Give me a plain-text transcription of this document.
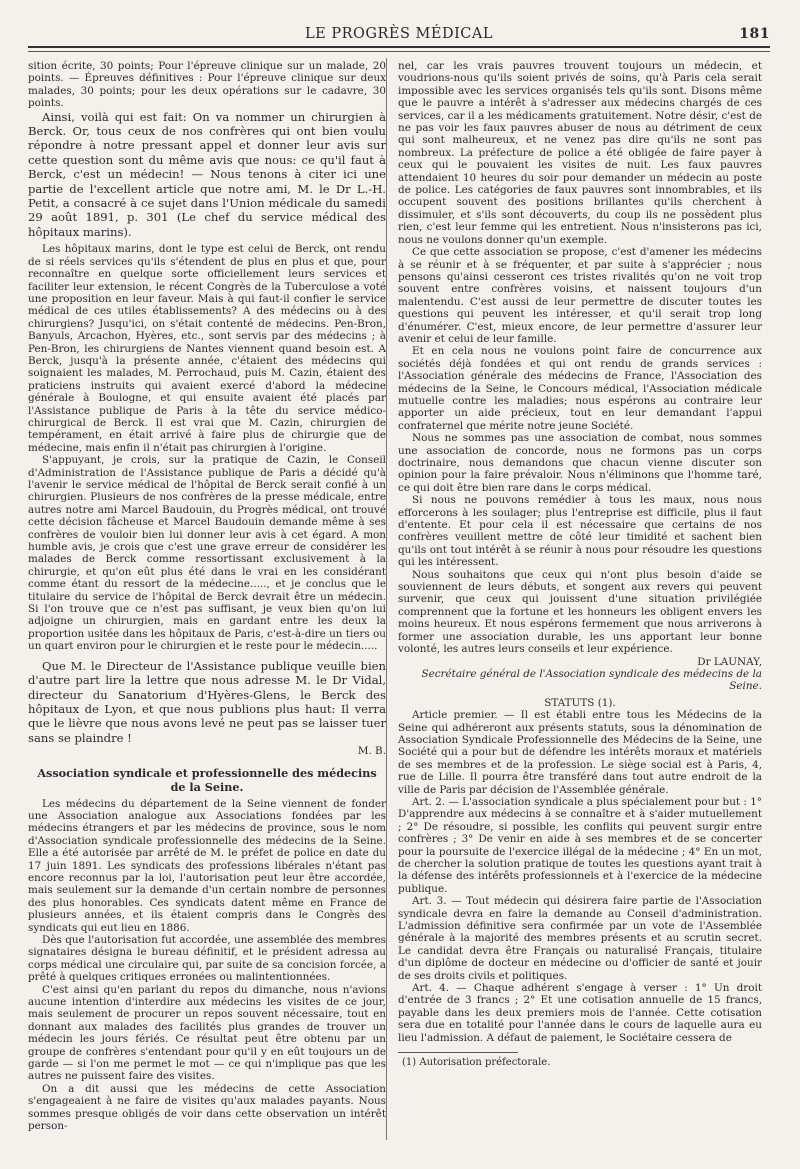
LE PROGRÈS MÉDICAL	181

sition écrite, 30 points; Pour l'épreuve clinique sur un malade, 20 points. — Épreuves définitives : Pour l'épreuve clinique sur deux malades, 30 points; pour les deux opérations sur le cadavre, 30 points.

Ainsi, voilà qui est fait: On va nommer un chirurgien à Berck. Or, tous ceux de nos confrères qui ont bien voulu répondre à notre pressant appel et donner leur avis sur cette question sont du même avis que nous: ce qu'il faut à Berck, c'est un médecin! — Nous tenons à citer ici une partie de l'excellent article que notre ami, M. le Dr L.-H. Petit, a consacré à ce sujet dans l'Union médicale du samedi 29 août 1891, p. 301 (Le chef du service médical des hôpitaux marins).

Les hôpitaux marins, dont le type est celui de Berck, ont rendu de si réels services qu'ils s'étendent de plus en plus et que, pour reconnaître en quelque sorte officiellement leurs services et faciliter leur extension, le récent Congrès de la Tuberculose a voté une proposition en leur faveur. Mais à qui faut-il confier le service médical de ces utiles établissements? A des médecins ou à des chirurgiens? Jusqu'ici, on s'était contenté de médecins. Pen-Bron, Banyuls, Arcachon, Hyères, etc., sont servis par des médecins ; à Pen-Bron, les chirurgiens de Nantes viennent quand besoin est. A Berck, jusqu'à la présente année, c'étaient des médecins qui soignaient les malades, M. Perrochaud, puis M. Cazin, étaient des praticiens instruits qui avaient exercé d'abord la médecine générale à Boulogne, et qui ensuite avaient été placés par l'Assistance publique de Paris à la tête du service médico-chirurgical de Berck. Il est vrai que M. Cazin, chirurgien de tempérament, en était arrivé à faire plus de chirurgie que de médecine, mais enfin il n'était pas chirurgien à l'origine.

S'appuyant, je crois, sur la pratique de Cazin, le Conseil d'Administration de l'Assistance publique de Paris a décidé qu'à l'avenir le service médical de l'hôpital de Berck serait confié à un chirurgien. Plusieurs de nos confrères de la presse médicale, entre autres notre ami Marcel Baudouin, du Progrès médical, ont trouvé cette décision fâcheuse et Marcel Baudouin demande même à ses confrères de vouloir bien lui donner leur avis à cet égard. A mon humble avis, je crois que c'est une grave erreur de considérer les malades de Berck comme ressortissant exclusivement à la chirurgie, et qu'on eût plus été dans le vrai en les considérant comme étant du ressort de la médecine....., et je conclus que le titulaire du service de l'hôpital de Berck devrait être un médecin. Si l'on trouve que ce n'est pas suffisant, je veux bien qu'on lui adjoigne un chirurgien, mais en gardant entre les deux la proportion usitée dans les hôpitaux de Paris, c'est-à-dire un tiers ou un quart environ pour le chirurgien et le reste pour le médecin.....

Que M. le Directeur de l'Assistance publique veuille bien d'autre part lire la lettre que nous adresse M. le Dr Vidal, directeur du Sanatorium d'Hyères-Glens, le Berck des hôpitaux de Lyon, et que nous publions plus haut: Il verra que le lièvre que nous avons levé ne peut pas se laisser tuer sans se plaindre !

M. B.

Association syndicale et professionnelle des médecins de la Seine.

Les médecins du département de la Seine viennent de fonder une Association analogue aux Associations fondées par les médecins étrangers et par les médecins de province, sous le nom d'Association syndicale professionnelle des médecins de la Seine. Elle a été autorisée par arrêté de M. le préfet de police en date du 17 juin 1891. Les syndicats des professions libérales n'étant pas encore reconnus par la loi, l'autorisation peut leur être accordée, mais seulement sur la demande d'un certain nombre de personnes des plus honorables. Ces syndicats datent même en France de plusieurs années, et ils étaient compris dans le Congrès des syndicats qui eut lieu en 1886.

Dès que l'autorisation fut accordée, une assemblée des membres signataires désigna le bureau définitif, et le président adressa au corps médical une circulaire qui, par suite de sa concision forcée, a prêté à quelques critiques erronées ou malintentionnées.

C'est ainsi qu'en parlant du repos du dimanche, nous n'avions aucune intention d'interdire aux médecins les visites de ce jour, mais seulement de procurer un repos souvent nécessaire, tout en donnant aux malades des facilités plus grandes de trouver un médecin les jours fériés. Ce résultat peut être obtenu par un groupe de confrères s'entendant pour qu'il y en eût toujours un de garde — si l'on me permet le mot — ce qui n'implique pas que les autres ne puissent faire des visites.

On a dit aussi que les médecins de cette Association s'engageaient à ne faire de visites qu'aux malades payants. Nous sommes presque obligés de voir dans cette observation un intérêt person-

nel, car les vrais pauvres trouvent toujours un médecin, et voudrions-nous qu'ils soient privés de soins, qu'à Paris cela serait impossible avec les services organisés tels qu'ils sont. Disons même que le pauvre a intérêt à s'adresser aux médecins chargés de ces services, car il a les médicaments gratuitement. Notre désir, c'est de ne pas voir les faux pauvres abuser de nous au détriment de ceux qui sont malheureux, et ne venez pas dire qu'ils ne sont pas nombreux. La préfecture de police a été obligée de faire payer à ceux qui le pouvaient les visites de nuit. Les faux pauvres attendaient 10 heures du soir pour demander un médecin au poste de police. Les catégories de faux pauvres sont innombrables, et ils occupent souvent des positions brillantes qu'ils cherchent à dissimuler, et s'ils sont découverts, du coup ils ne possèdent plus rien, c'est leur femme qui les entretient. Nous n'insisterons pas ici, nous ne voulons donner qu'un exemple.

Ce que cette association se propose, c'est d'amener les médecins à se réunir et à se fréquenter, et par suite à s'apprécier ; nous pensons qu'ainsi cesseront ces tristes rivalités qu'on ne voit trop souvent entre confrères voisins, et naissent toujours d'un malentendu. C'est aussi de leur permettre de discuter toutes les questions qui peuvent les intéresser, et qu'il serait trop long d'énumérer. C'est, mieux encore, de leur permettre d'assurer leur avenir et celui de leur famille.

Et en cela nous ne voulons point faire de concurrence aux sociétés déjà fondées et qui ont rendu de grands services : l'Association générale des médecins de France, l'Association des médecins de la Seine, le Concours médical, l'Association médicale mutuelle contre les maladies; nous espérons au contraire leur apporter un aide précieux, tout en leur demandant l'appui confraternel que mérite notre jeune Société.

Nous ne sommes pas une association de combat, nous sommes une association de concorde, nous ne formons pas un corps doctrinaire, nous demandons que chacun vienne discuter son opinion pour la faire prévaloir. Nous n'éliminons que l'homme taré, ce qui doit être bien rare dans le corps médical.

Si nous ne pouvons remédier à tous les maux, nous nous efforcerons à les soulager; plus l'entreprise est difficile, plus il faut d'entente. Et pour cela il est nécessaire que certains de nos confrères veuillent mettre de côté leur timidité et sachent bien qu'ils ont tout intérêt à se réunir à nous pour résoudre les questions qui les intéressent.

Nous souhaitons que ceux qui n'ont plus besoin d'aide se souviennent de leurs débuts, et songent aux revers qui peuvent survenir, que ceux qui jouissent d'une situation privilégiée comprennent que la fortune et les honneurs les obligent envers les moins heureux. Et nous espérons fermement que nous arriverons à former une association durable, les uns apportant leur bonne volonté, les autres leurs conseils et leur expérience.

Dr LAUNAY,

Secrétaire général de l'Association syndicale des médecins de la Seine.

STATUTS (1).

Article premier. — Il est établi entre tous les Médecins de la Seine qui adhéreront aux présents statuts, sous la dénomination de Association Syndicale Professionnelle des Médecins de la Seine, une Société qui a pour but de défendre les intérêts moraux et matériels de ses membres et de la profession. Le siège social est à Paris, 4, rue de Lille. Il pourra être transféré dans tout autre endroit de la ville de Paris par décision de l'Assemblée générale.

Art. 2. — L'association syndicale a plus spécialement pour but : 1° D'apprendre aux médecins à se connaître et à s'aider mutuellement ; 2° De résoudre, si possible, les conflits qui peuvent surgir entre confrères ; 3° De venir en aide à ses membres et de se concerter pour la poursuite de l'exercice illégal de la médecine ; 4° En un mot, de chercher la solution pratique de toutes les questions ayant trait à la défense des intérêts professionnels et à l'exercice de la médecine publique.

Art. 3. — Tout médecin qui désirera faire partie de l'Association syndicale devra en faire la demande au Conseil d'administration. L'admission définitive sera confirmée par un vote de l'Assemblée générale à la majorité des membres présents et au scrutin secret. Le candidat devra être Français ou naturalisé Français, titulaire d'un diplôme de docteur en médecine ou d'officier de santé et jouir de ses droits civils et politiques.

Art. 4. — Chaque adhérent s'engage à verser : 1° Un droit d'entrée de 3 francs ; 2° Et une cotisation annuelle de 15 francs, payable dans les deux premiers mois de l'année. Cette cotisation sera due en totalité pour l'année dans le cours de laquelle aura eu lieu l'admission. A défaut de paiement, le Sociétaire cessera de

(1) Autorisation préfectorale.
